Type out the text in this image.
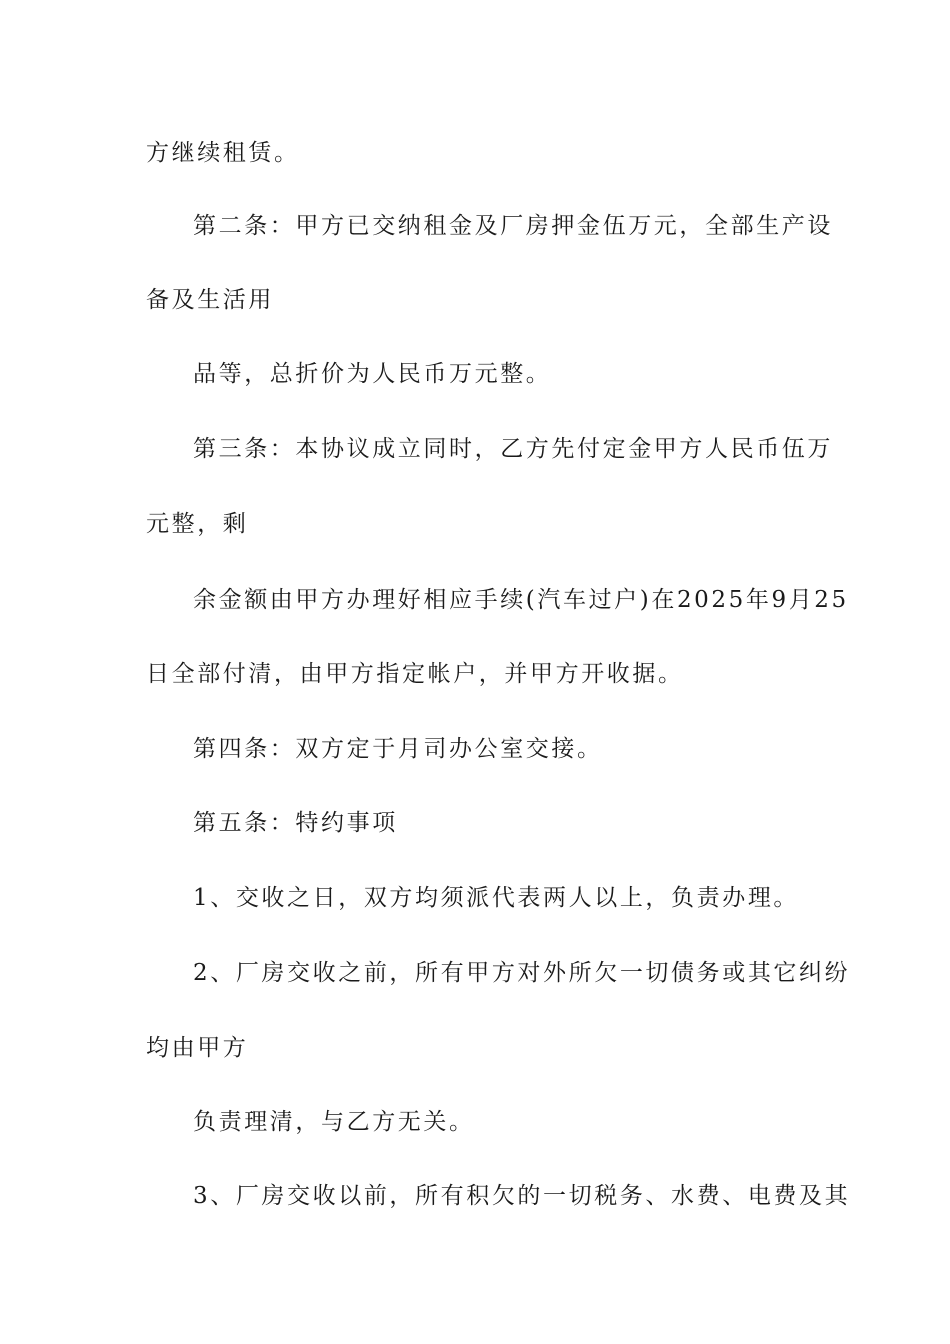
方继续租赁。
第二条：甲方已交纳租金及厂房押金伍万元，全部生产设
备及生活用
品等，总折价为人民币万元整。
第三条：本协议成立同时，乙方先付定金甲方人民币伍万
元整，剩
余金额由甲方办理好相应手续(汽车过户)在2025年9月25
日全部付清，由甲方指定帐户，并甲方开收据。
第四条：双方定于月司办公室交接。
第五条：特约事项
1、交收之日，双方均须派代表两人以上，负责办理。
2、厂房交收之前，所有甲方对外所欠一切债务或其它纠纷
均由甲方
负责理清，与乙方无关。
3、厂房交收以前，所有积欠的一切税务、水费、电费及其
